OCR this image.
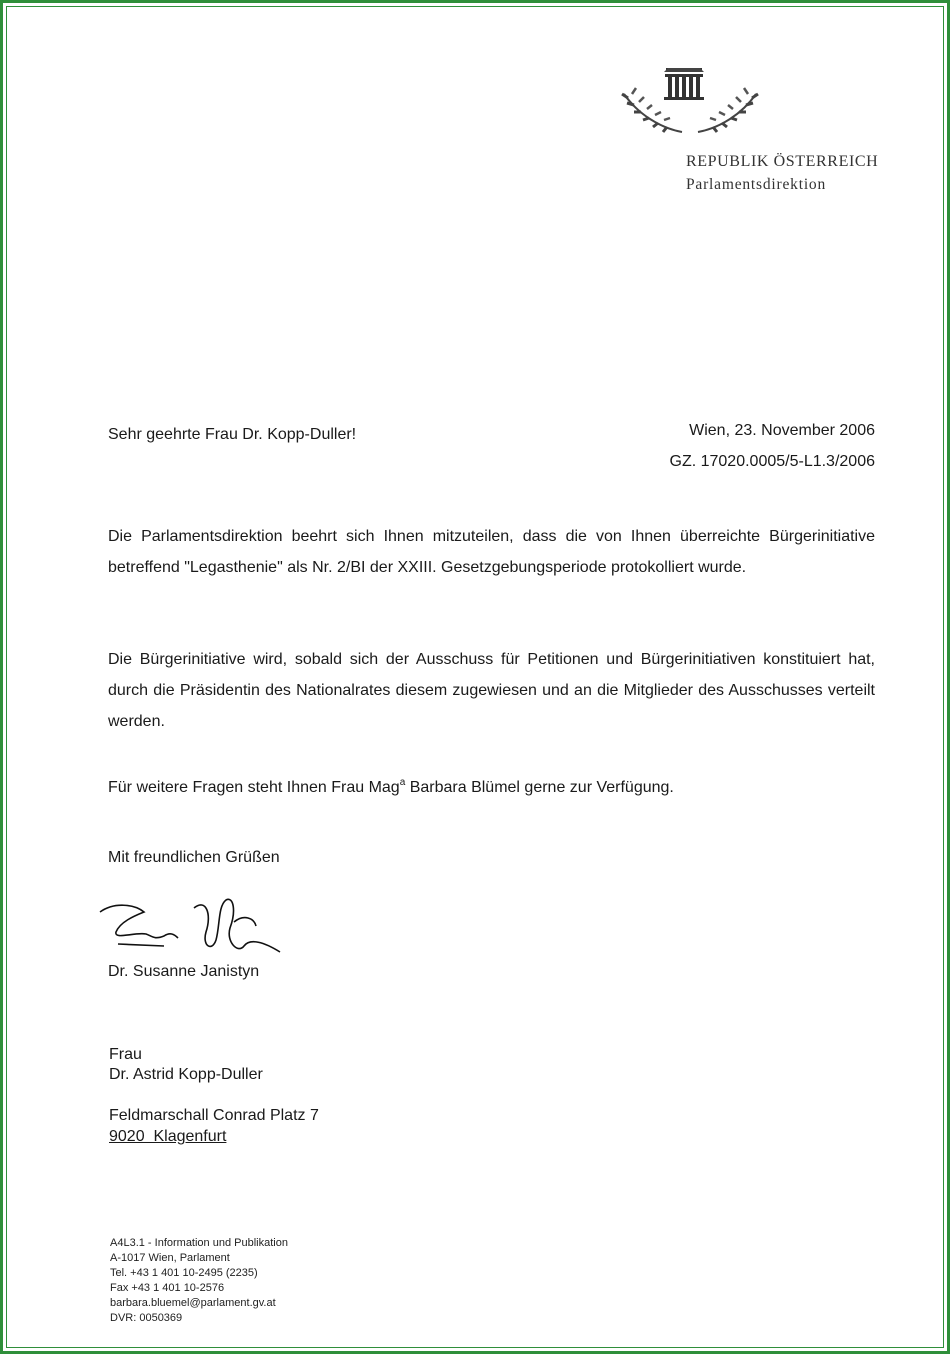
REPUBLIK ÖSTERREICH
Parlamentsdirektion
Sehr geehrte Frau Dr. Kopp-Duller!	Wien, 23. November 2006
GZ. 17020.0005/5-L1.3/2006
Die Parlamentsdirektion beehrt sich Ihnen mitzuteilen, dass die von Ihnen überreichte Bürgerinitiative betreffend "Legasthenie" als Nr. 2/BI der XXIII. Gesetzgebungsperiode protokolliert wurde.
Die Bürgerinitiative wird, sobald sich der Ausschuss für Petitionen und Bürgerinitiativen konstituiert hat, durch die Präsidentin des Nationalrates diesem zugewiesen und an die Mitglieder des Ausschusses verteilt werden.
Für weitere Fragen steht Ihnen Frau Mag$^a$ Barbara Blümel gerne zur Verfügung.
Mit freundlichen Grüßen
Dr. Susanne Janistyn
Frau
Dr. Astrid Kopp-Duller
Feldmarschall Conrad Platz 7
9020  Klagenfurt
A4L3.1 - Information und Publikation
A-1017 Wien, Parlament
Tel. +43 1 401 10-2495 (2235)
Fax +43 1 401 10-2576
barbara.bluemel@parlament.gv.at
DVR: 0050369
